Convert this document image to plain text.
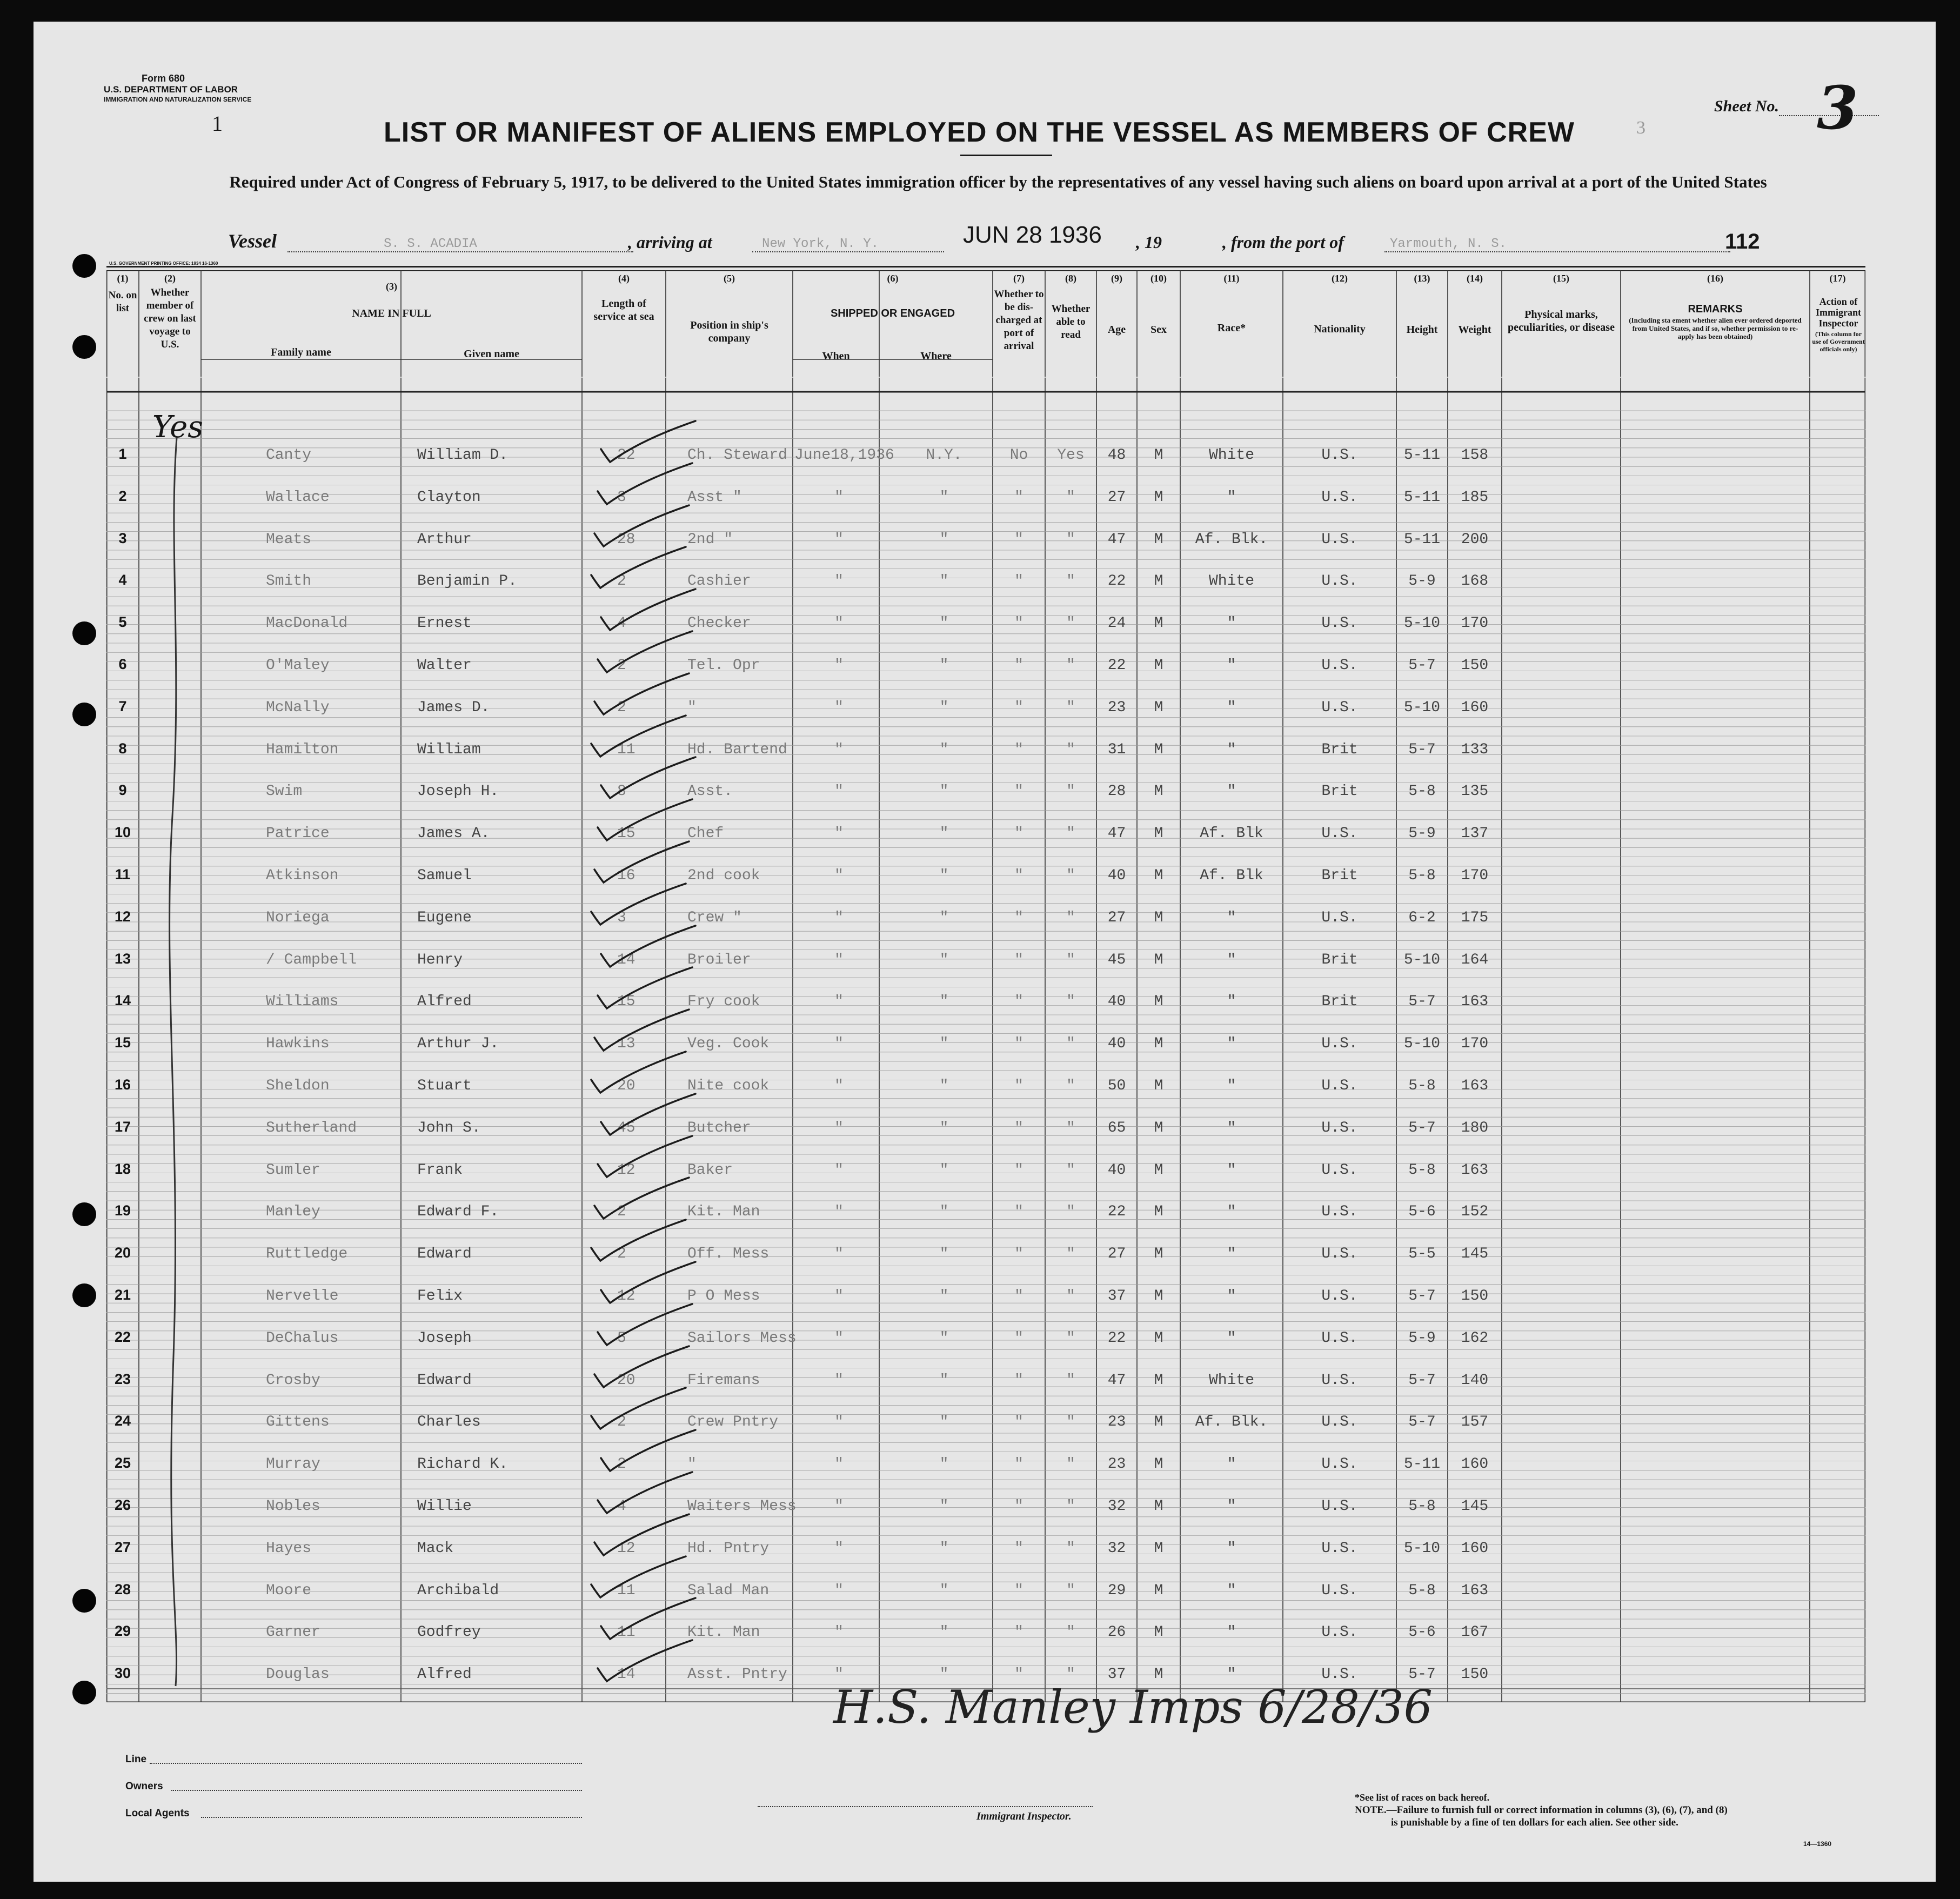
Form 680
U.S. DEPARTMENT OF LABOR
IMMIGRATION AND NATURALIZATION SERVICE
1	LIST OR MANIFEST OF ALIENS EMPLOYED ON THE VESSEL AS MEMBERS OF CREW
Required under Act of Congress of February 5, 1917, to be delivered to the United States immigration officer by the representatives of any vessel having such aliens on board upon arrival at a port of the United States
3
Sheet No. 3
Vessel	S. S. ACADIA	, arriving at	New York, N. Y.	JUN 28 1936 , 19	, from the port of	Yarmouth, N. S.	112
U.S. GOVERNMENT PRINTING OFFICE: 1934 16-1360
(1)
No. on list
(2)
Whether member of crew on last voyage to U.S.
(3)
NAME IN FULL
Family name	Given name
(4)
Length of service at sea
(5)
Position in ship's company
(6)
SHIPPED OR ENGAGED
When	Where
(7)
Whether to be dis- charged at port of arrival
(8)
Whether able to read
(9)
Age
(10)
Sex
(11)
Race*
(12)
Nationality
(13)
Height
(14)
Weight
(15)
Physical marks, peculiarities, or disease
(16)
REMARKS
(Including sta ement whether alien ever ordered deported from United States, and if so, whether permission to re-apply has been obtained)
(17)
Action of Immigrant Inspector
(This column for use of Government officials only)
1	Canty	William D.	22	Ch. Steward June18,1936	N.Y.	No	Yes	48	M	White	U.S.	5-11	158
2	Wallace	Clayton	3	Asst "	"	"	"	"	27	M	"	U.S.	5-11	185
3	Meats	Arthur	28	2nd "	"	"	"	"	47	M	Af. Blk.	U.S.	5-11	200
4	Smith	Benjamin P.	2	Cashier	"	"	"	"	22	M	White	U.S.	5-9	168
5	MacDonald	Ernest	4	Checker	"	"	"	"	24	M	"	U.S.	5-10	170
6	O'Maley	Walter	2	Tel. Opr	"	"	"	"	22	M	"	U.S.	5-7	150
7	McNally	James D.	2	"	"	"	"	"	23	M	"	U.S.	5-10	160
8	Hamilton	William	11	Hd. Bartend	"	"	"	"	31	M	"	Brit	5-7	133
9	Swim	Joseph H.	8	Asst.	"	"	"	"	28	M	"	Brit	5-8	135
10	Patrice	James A.	15	Chef	"	"	"	"	47	M	Af. Blk	U.S.	5-9	137
11	Atkinson	Samuel	16	2nd cook	"	"	"	"	40	M	Af. Blk	Brit	5-8	170
12	Noriega	Eugene	3	Crew "	"	"	"	"	27	M	"	U.S.	6-2	175
13	/ Campbell	Henry	14	Broiler	"	"	"	"	45	M	"	Brit	5-10	164
14	Williams	Alfred	15	Fry cook	"	"	"	"	40	M	"	Brit	5-7	163
15	Hawkins	Arthur J.	13	Veg. Cook	"	"	"	"	40	M	"	U.S.	5-10	170
16	Sheldon	Stuart	20	Nite cook	"	"	"	"	50	M	"	U.S.	5-8	163
17	Sutherland	John S.	45	Butcher	"	"	"	"	65	M	"	U.S.	5-7	180
18	Sumler	Frank	12	Baker	"	"	"	"	40	M	"	U.S.	5-8	163
19	Manley	Edward F.	2	Kit. Man	"	"	"	"	22	M	"	U.S.	5-6	152
20	Ruttledge	Edward	2	Off. Mess	"	"	"	"	27	M	"	U.S.	5-5	145
21	Nervelle	Felix	12	P O Mess	"	"	"	"	37	M	"	U.S.	5-7	150
22	DeChalus	Joseph	5	Sailors Mess	"	"	"	"	22	M	"	U.S.	5-9	162
23	Crosby	Edward	20	Firemans	"	"	"	"	47	M	White	U.S.	5-7	140
24	Gittens	Charles	2	Crew Pntry	"	"	"	"	23	M	Af. Blk.	U.S.	5-7	157
25	Murray	Richard K.	2	"	"	"	"	"	23	M	"	U.S.	5-11	160
26	Nobles	Willie	4	Waiters Mess	"	"	"	"	32	M	"	U.S.	5-8	145
27	Hayes	Mack	12	Hd. Pntry	"	"	"	"	32	M	"	U.S.	5-10	160
28	Moore	Archibald	11	Salad Man	"	"	"	"	29	M	"	U.S.	5-8	163
29	Garner	Godfrey	11	Kit. Man	"	"	"	"	26	M	"	U.S.	5-6	167
30	Douglas	Alfred	14	Asst. Pntry	"	"	"	"	37	M	"	U.S.	5-7	150
Yes
H.S. Manley Imps 6/28/36
Line
Owners
Local Agents	Immigrant Inspector.
*See list of races on back hereof.
NOTE.—Failure to furnish full or correct information in columns (3), (6), (7), and (8)
is punishable by a fine of ten dollars for each alien. See other side.
14—1360
